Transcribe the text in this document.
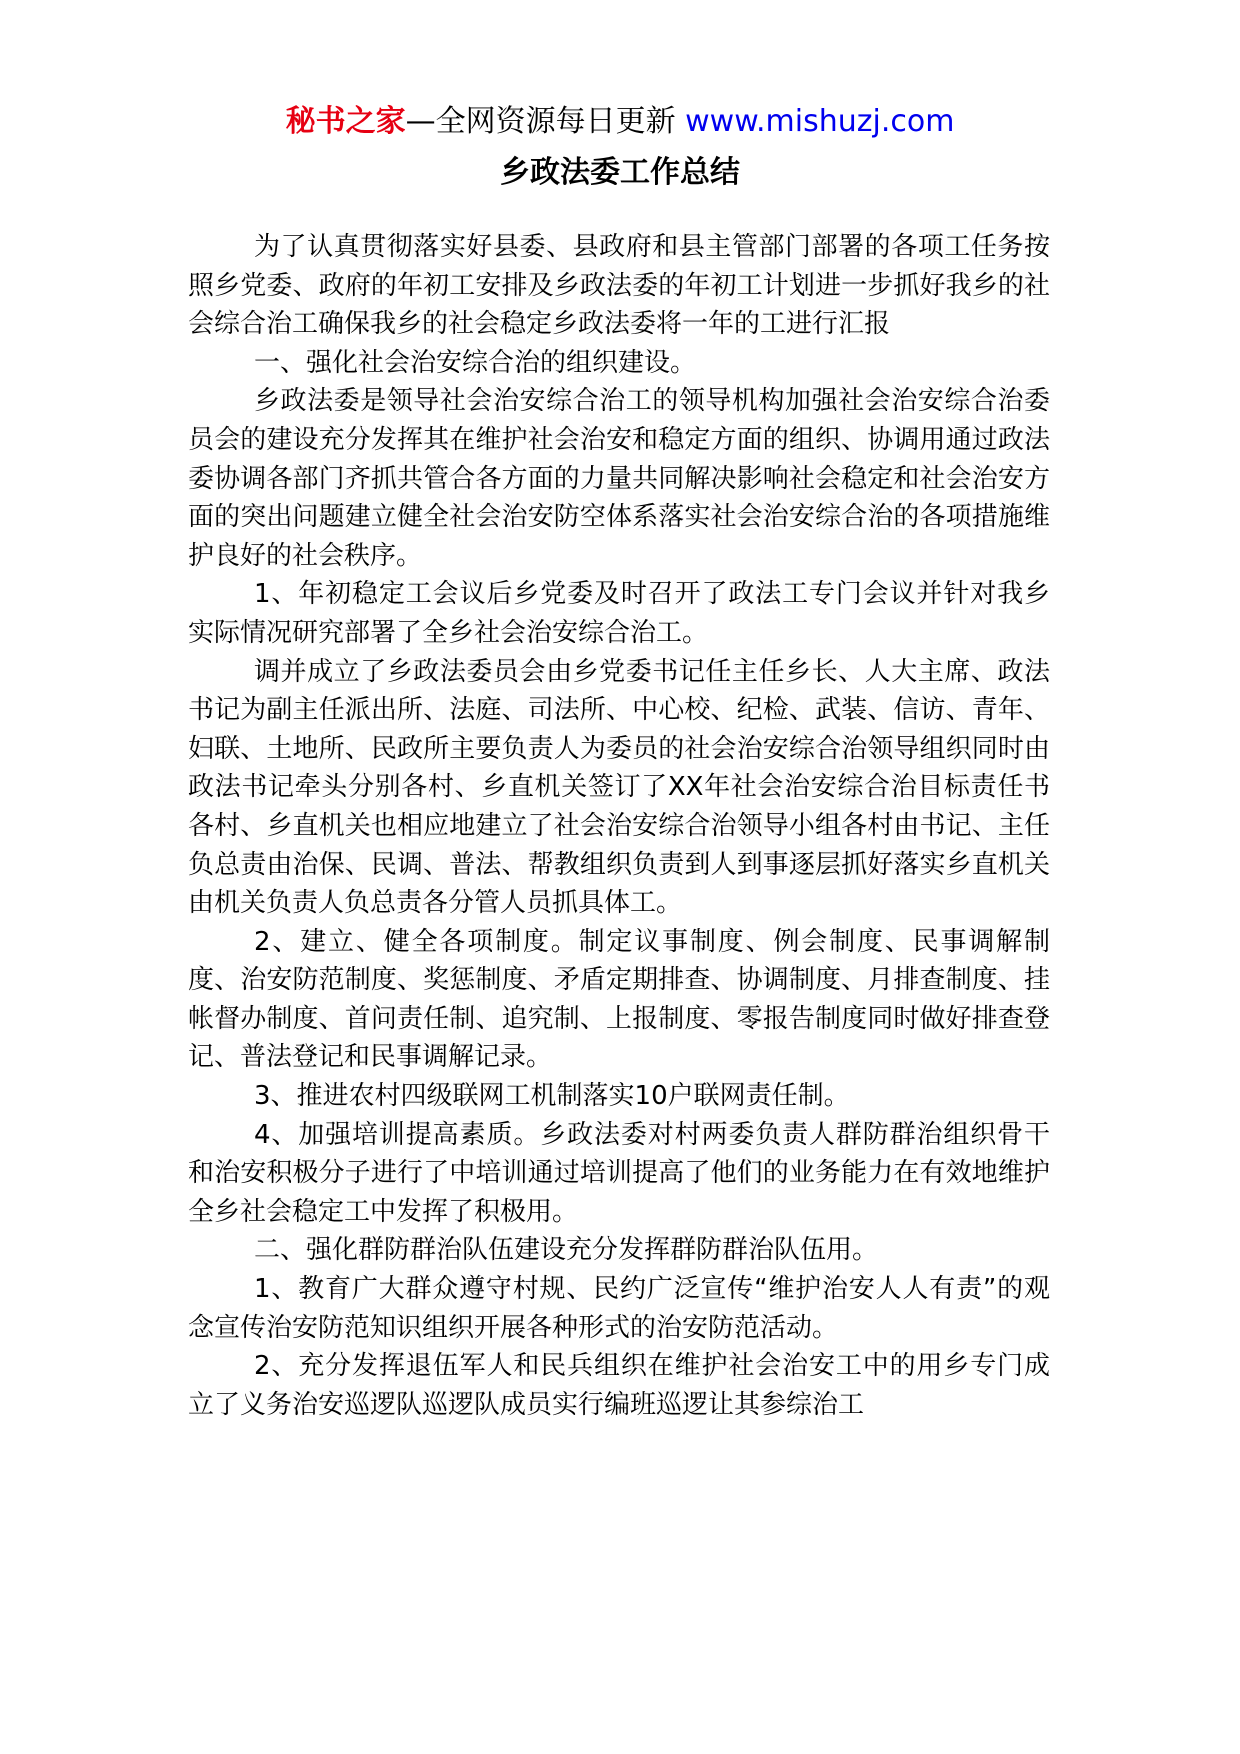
秘书之家—全网资源每日更新 www.mishuzj.com
乡政法委工作总结

为了认真贯彻落实好县委、县政府和县主管部门部署的各项工任务按照乡党委、政府的年初工安排及乡政法委的年初工计划进一步抓好我乡的社会综合治工确保我乡的社会稳定乡政法委将一年的工进行汇报

一、强化社会治安综合治的组织建设。

乡政法委是领导社会治安综合治工的领导机构加强社会治安综合治委员会的建设充分发挥其在维护社会治安和稳定方面的组织、协调用通过政法委协调各部门齐抓共管合各方面的力量共同解决影响社会稳定和社会治安方面的突出问题建立健全社会治安防空体系落实社会治安综合治的各项措施维护良好的社会秩序。

1、年初稳定工会议后乡党委及时召开了政法工专门会议并针对我乡实际情况研究部署了全乡社会治安综合治工。

调并成立了乡政法委员会由乡党委书记任主任乡长、人大主席、政法书记为副主任派出所、法庭、司法所、中心校、纪检、武装、信访、青年、妇联、土地所、民政所主要负责人为委员的社会治安综合治领导组织同时由政法书记牵头分别各村、乡直机关签订了XX年社会治安综合治目标责任书各村、乡直机关也相应地建立了社会治安综合治领导小组各村由书记、主任负总责由治保、民调、普法、帮教组织负责到人到事逐层抓好落实乡直机关由机关负责人负总责各分管人员抓具体工。

2、建立、健全各项制度。制定议事制度、例会制度、民事调解制度、治安防范制度、奖惩制度、矛盾定期排查、协调制度、月排查制度、挂帐督办制度、首问责任制、追究制、上报制度、零报告制度同时做好排查登记、普法登记和民事调解记录。

3、推进农村四级联网工机制落实10户联网责任制。

4、加强培训提高素质。乡政法委对村两委负责人群防群治组织骨干和治安积极分子进行了中培训通过培训提高了他们的业务能力在有效地维护全乡社会稳定工中发挥了积极用。

二、强化群防群治队伍建设充分发挥群防群治队伍用。

1、教育广大群众遵守村规、民约广泛宣传“维护治安人人有责”的观念宣传治安防范知识组织开展各种形式的治安防范活动。

2、充分发挥退伍军人和民兵组织在维护社会治安工中的用乡专门成立了义务治安巡逻队巡逻队成员实行编班巡逻让其参综治工
